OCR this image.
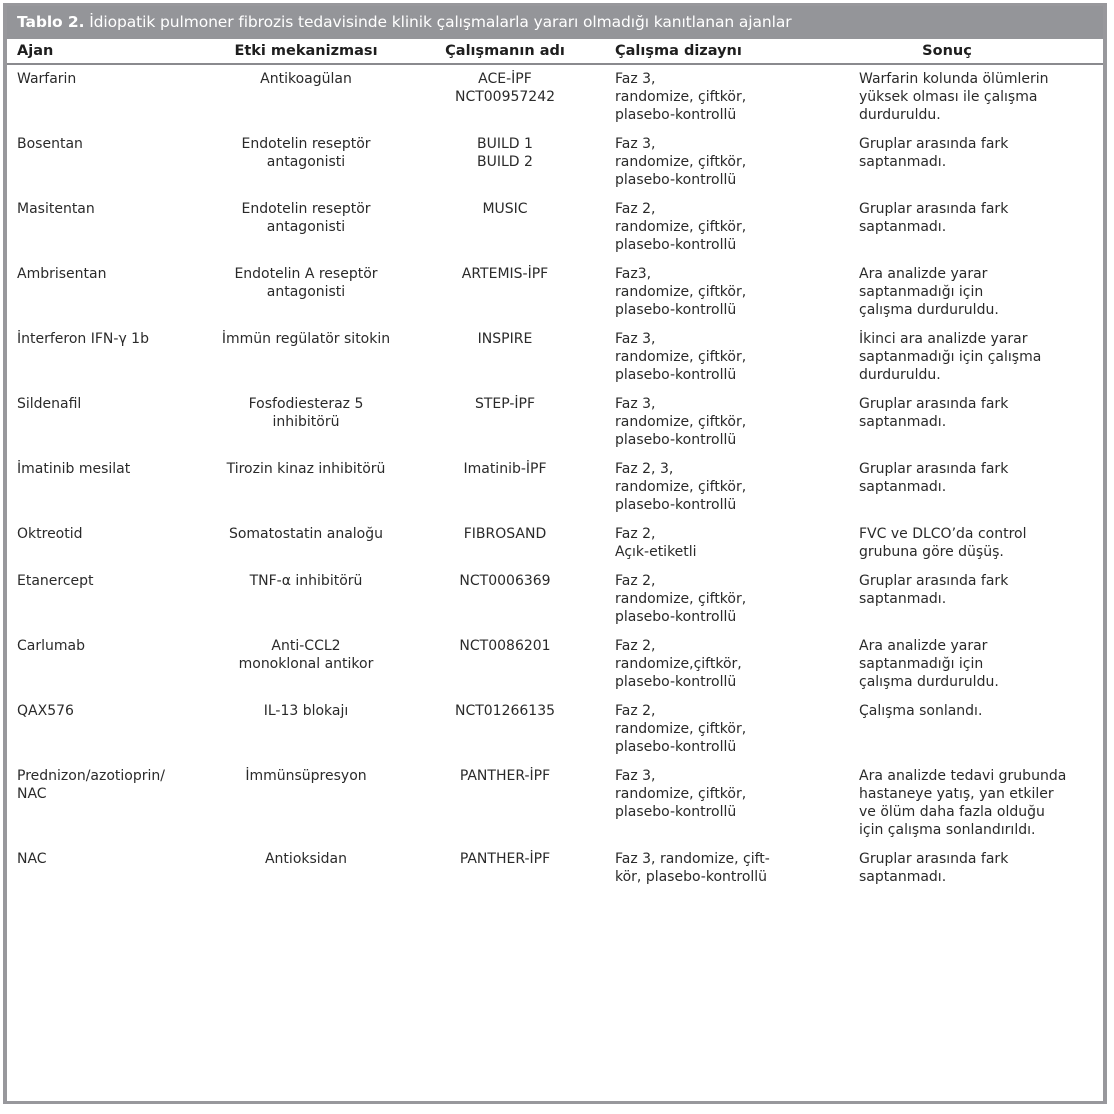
Tablo 2. İdiopatik pulmoner fibrozis tedavisinde klinik çalışmalarla yararı olmadığı kanıtlanan ajanlar
Ajan	Etki mekanizması	Çalışmanın adı	Çalışma dizaynı	Sonuç

Warfarin	Antikoagülan	ACE-İPF
NCT00957242	Faz 3,
randomize, çiftkör,
plasebo-kontrollü	Warfarin kolunda ölümlerin
yüksek olması ile çalışma
durduruldu.

Bosentan	Endotelin reseptör
antagonisti	BUILD 1
BUILD 2	Faz 3,
randomize, çiftkör,
plasebo-kontrollü	Gruplar arasında fark
saptanmadı.

Masitentan	Endotelin reseptör
antagonisti	MUSIC	Faz 2,
randomize, çiftkör,
plasebo-kontrollü	Gruplar arasında fark
saptanmadı.

Ambrisentan	Endotelin A reseptör
antagonisti	ARTEMIS-İPF	Faz3,
randomize, çiftkör,
plasebo-kontrollü	Ara analizde yarar
saptanmadığı için
çalışma durduruldu.

İnterferon IFN-γ 1b	İmmün regülatör sitokin	INSPIRE	Faz 3,
randomize, çiftkör,
plasebo-kontrollü	İkinci ara analizde yarar
saptanmadığı için çalışma
durduruldu.

Sildenafil	Fosfodiesteraz 5
inhibitörü	STEP-İPF	Faz 3,
randomize, çiftkör,
plasebo-kontrollü	Gruplar arasında fark
saptanmadı.

İmatinib mesilat	Tirozin kinaz inhibitörü	Imatinib-İPF	Faz 2, 3,
randomize, çiftkör,
plasebo-kontrollü	Gruplar arasında fark
saptanmadı.

Oktreotid	Somatostatin analoğu	FIBROSAND	Faz 2,
Açık-etiketli	FVC ve DLCO’da control
grubuna göre düşüş.

Etanercept	TNF-α inhibitörü	NCT0006369	Faz 2,
randomize, çiftkör,
plasebo-kontrollü	Gruplar arasında fark
saptanmadı.

Carlumab	Anti-CCL2
monoklonal antikor	NCT0086201	Faz 2,
randomize,çiftkör,
plasebo-kontrollü	Ara analizde yarar
saptanmadığı için
çalışma durduruldu.

QAX576	IL-13 blokajı	NCT01266135	Faz 2,
randomize, çiftkör,
plasebo-kontrollü	Çalışma sonlandı.

Prednizon/azotioprin/
NAC	İmmünsüpresyon	PANTHER-İPF	Faz 3,
randomize, çiftkör,
plasebo-kontrollü	Ara analizde tedavi grubunda
hastaneye yatış, yan etkiler
ve ölüm daha fazla olduğu
için çalışma sonlandırıldı.

NAC	Antioksidan	PANTHER-İPF	Faz 3, randomize, çift-
kör, plasebo-kontrollü	Gruplar arasında fark
saptanmadı.
